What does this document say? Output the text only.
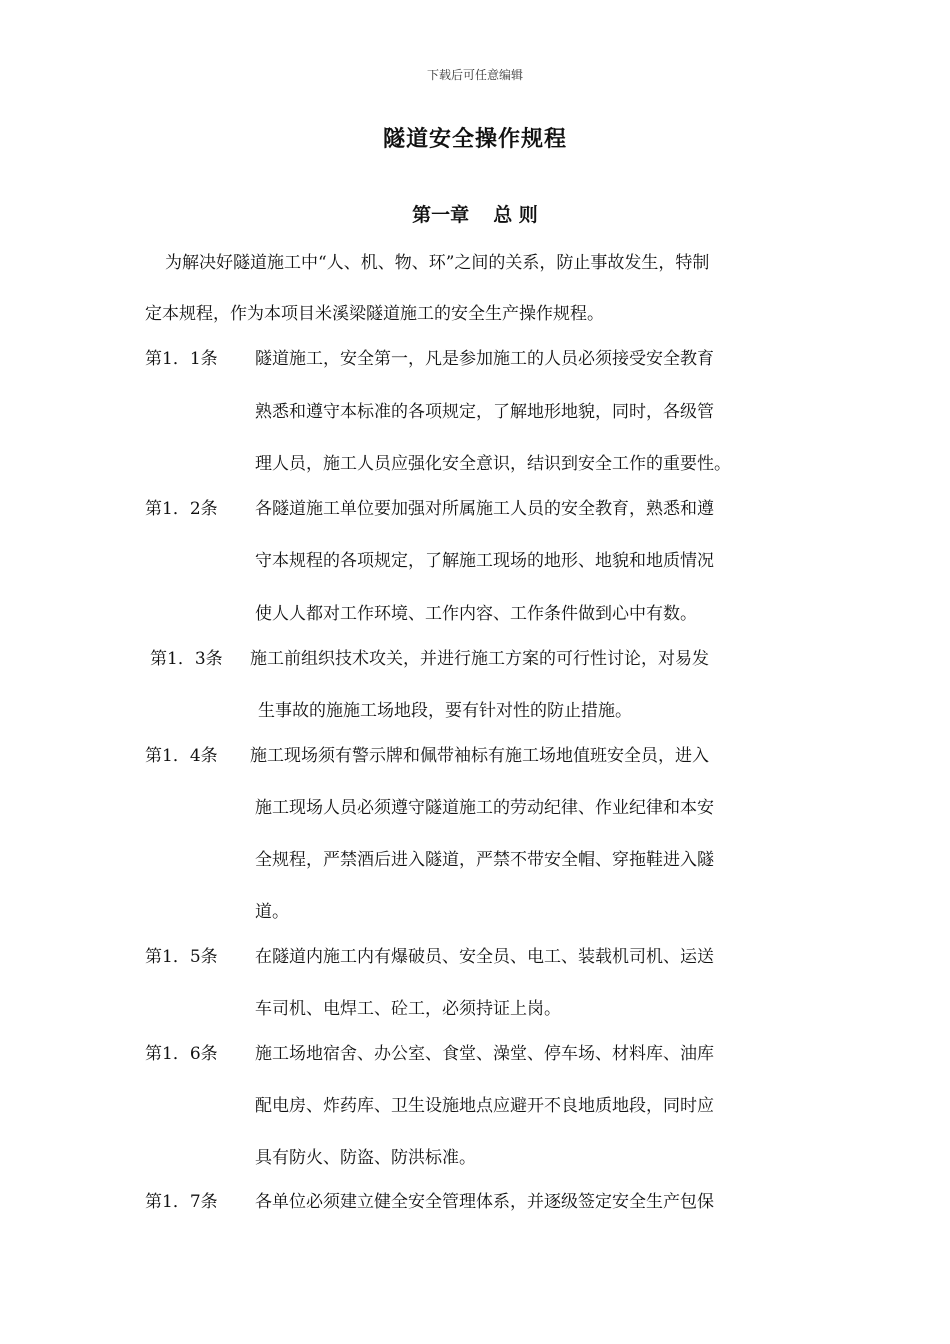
下载后可任意编辑
隧道安全操作规程
第一章 总 则
为解决好隧道施工中“人、机、物、环”之间的关系，防止事故发生，特制
定本规程，作为本项目米溪梁隧道施工的安全生产操作规程。
第1．1条 隧道施工，安全第一，凡是参加施工的人员必须接受安全教育
熟悉和遵守本标准的各项规定，了解地形地貌，同时，各级管
理人员，施工人员应强化安全意识，结识到安全工作的重要性。
第1．2条 各隧道施工单位要加强对所属施工人员的安全教育，熟悉和遵
守本规程的各项规定，了解施工现场的地形、地貌和地质情况
使人人都对工作环境、工作内容、工作条件做到心中有数。
第1．3条 施工前组织技术攻关，并进行施工方案的可行性讨论，对易发
生事故的施施工场地段，要有针对性的防止措施。
第1．4条 施工现场须有警示牌和佩带袖标有施工场地值班安全员，进入
施工现场人员必须遵守隧道施工的劳动纪律、作业纪律和本安
全规程，严禁酒后进入隧道，严禁不带安全帽、穿拖鞋进入隧
道。
第1．5条 在隧道内施工内有爆破员、安全员、电工、装载机司机、运送
车司机、电焊工、砼工，必须持证上岗。
第1．6条 施工场地宿舍、办公室、食堂、澡堂、停车场、材料库、油库
配电房、炸药库、卫生设施地点应避开不良地质地段，同时应
具有防火、防盗、防洪标准。
第1．7条 各单位必须建立健全安全管理体系，并逐级签定安全生产包保
